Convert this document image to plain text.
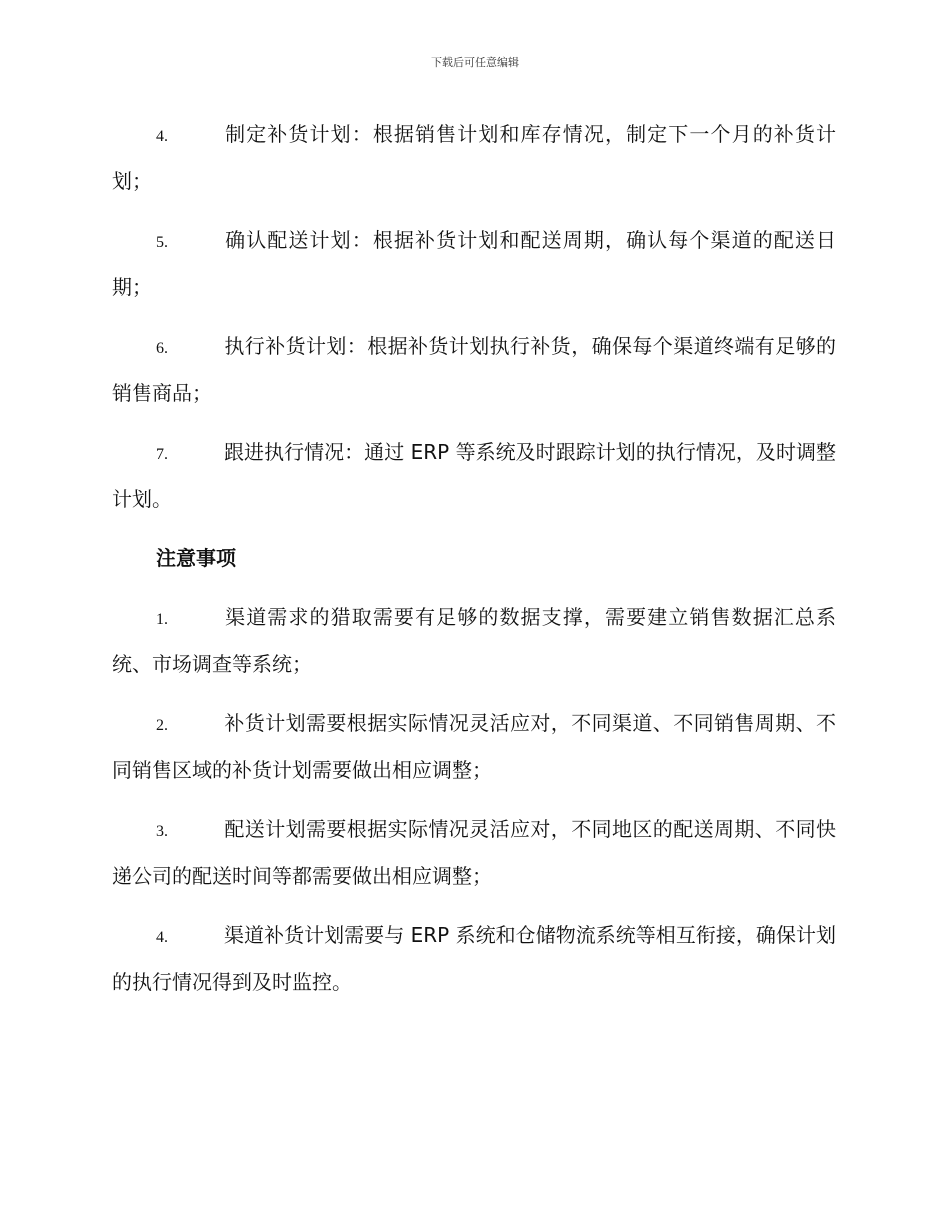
下载后可任意编辑

4.	制定补货计划：根据销售计划和库存情况，制定下一个月的补货计划；

5.	确认配送计划：根据补货计划和配送周期，确认每个渠道的配送日期；

6.	执行补货计划：根据补货计划执行补货，确保每个渠道终端有足够的销售商品；

7.	跟进执行情况：通过 ERP 等系统及时跟踪计划的执行情况，及时调整计划。

注意事项

1.	渠道需求的猎取需要有足够的数据支撑，需要建立销售数据汇总系统、市场调查等系统；

2.	补货计划需要根据实际情况灵活应对，不同渠道、不同销售周期、不同销售区域的补货计划需要做出相应调整；

3.	配送计划需要根据实际情况灵活应对，不同地区的配送周期、不同快递公司的配送时间等都需要做出相应调整；

4.	渠道补货计划需要与 ERP 系统和仓储物流系统等相互衔接，确保计划的执行情况得到及时监控。
